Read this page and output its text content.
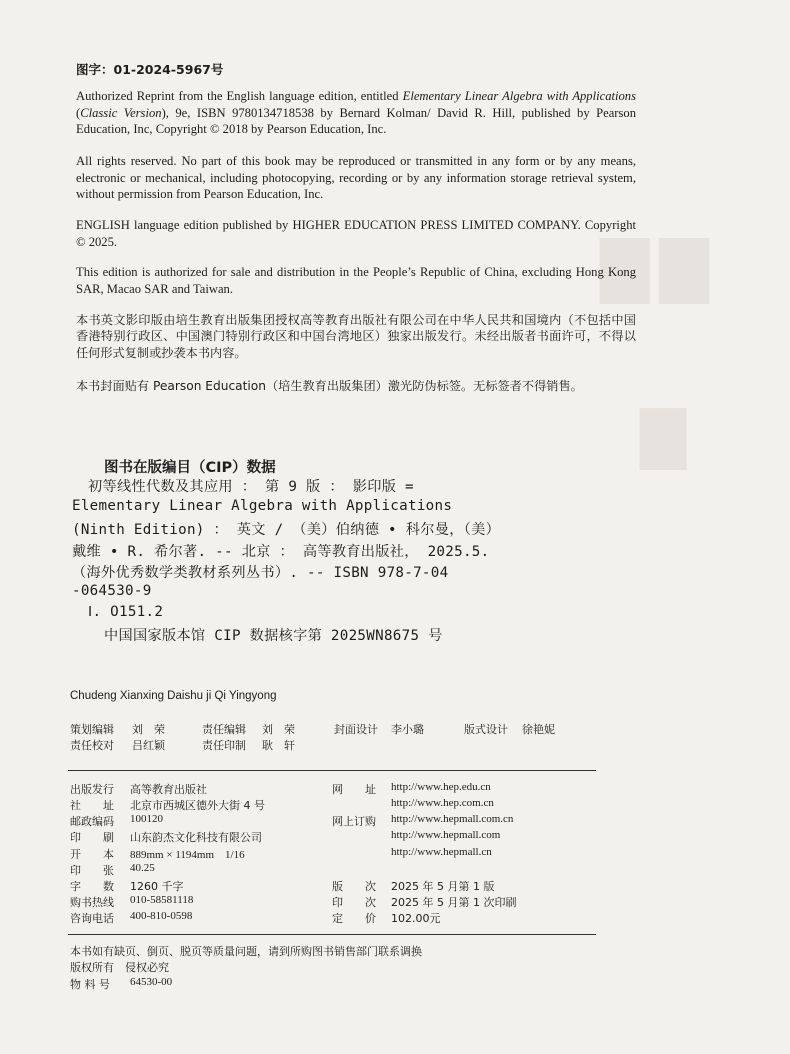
▇▇
▇
图字：01-2024-5967号

Authorized Reprint from the English language edition, entitled Elementary Linear Algebra with Applications (Classic Version), 9e, ISBN 9780134718538 by Bernard Kolman/ David R. Hill, published by Pearson Education, Inc, Copyright © 2018 by Pearson Education, Inc.

All rights reserved. No part of this book may be reproduced or transmitted in any form or by any means, electronic or mechanical, including photocopying, recording or by any information storage retrieval system, without permission from Pearson Education, Inc.

ENGLISH language edition published by HIGHER EDUCATION PRESS LIMITED COMPANY. Copyright © 2025.

This edition is authorized for sale and distribution in the People’s Republic of China, excluding Hong Kong SAR, Macao SAR and Taiwan.

本书英文影印版由培生教育出版集团授权高等教育出版社有限公司在中华人民共和国境内（不包括中国香港特别行政区、中国澳门特别行政区和中国台湾地区）独家出版发行。未经出版者书面许可，不得以任何形式复制或抄袭本书内容。

本书封面贴有 Pearson Education（培生教育出版集团）激光防伪标签。无标签者不得销售。

图书在版编目（CIP）数据
初等线性代数及其应用 ： 第 9 版 ： 影印版 =
Elementary Linear Algebra with Applications
(Ninth Edition) ： 英文 / （美）伯纳德 • 科尔曼，（美）
戴维 • R. 希尔著. -- 北京 ： 高等教育出版社， 2025.5.
（海外优秀数学类教材系列丛书）. -- ISBN 978-7-04
-064530-9
Ⅰ. O151.2
中国国家版本馆 CIP 数据核字第 2025WN8675 号
Chudeng Xianxing Daishu ji Qi Yingyong
策划编辑 刘　荣	责任编辑 刘　荣	封面设计 李小璐	版式设计 徐艳妮
责任校对 吕红颖	责任印制 耿　轩
出版发行 高等教育出版社
社　　址 北京市西城区德外大街 4 号
邮政编码 100120
印　　刷 山东韵杰文化科技有限公司
开　　本 889mm × 1194mm　1/16
印　　张 40.25
字　　数 1260 千字
购书热线 010-58581118
咨询电话 400-810-0598
网　　址 http://www.hep.edu.cn
http://www.hep.com.cn
网上订购 http://www.hepmall.com.cn
http://www.hepmall.com
http://www.hepmall.cn
版　　次 2025 年 5 月第 1 版
印　　次 2025 年 5 月第 1 次印刷
定　　价 102.00元
本书如有缺页、倒页、脱页等质量问题，请到所购图书销售部门联系调换
版权所有　侵权必究
物 料 号 64530-00
